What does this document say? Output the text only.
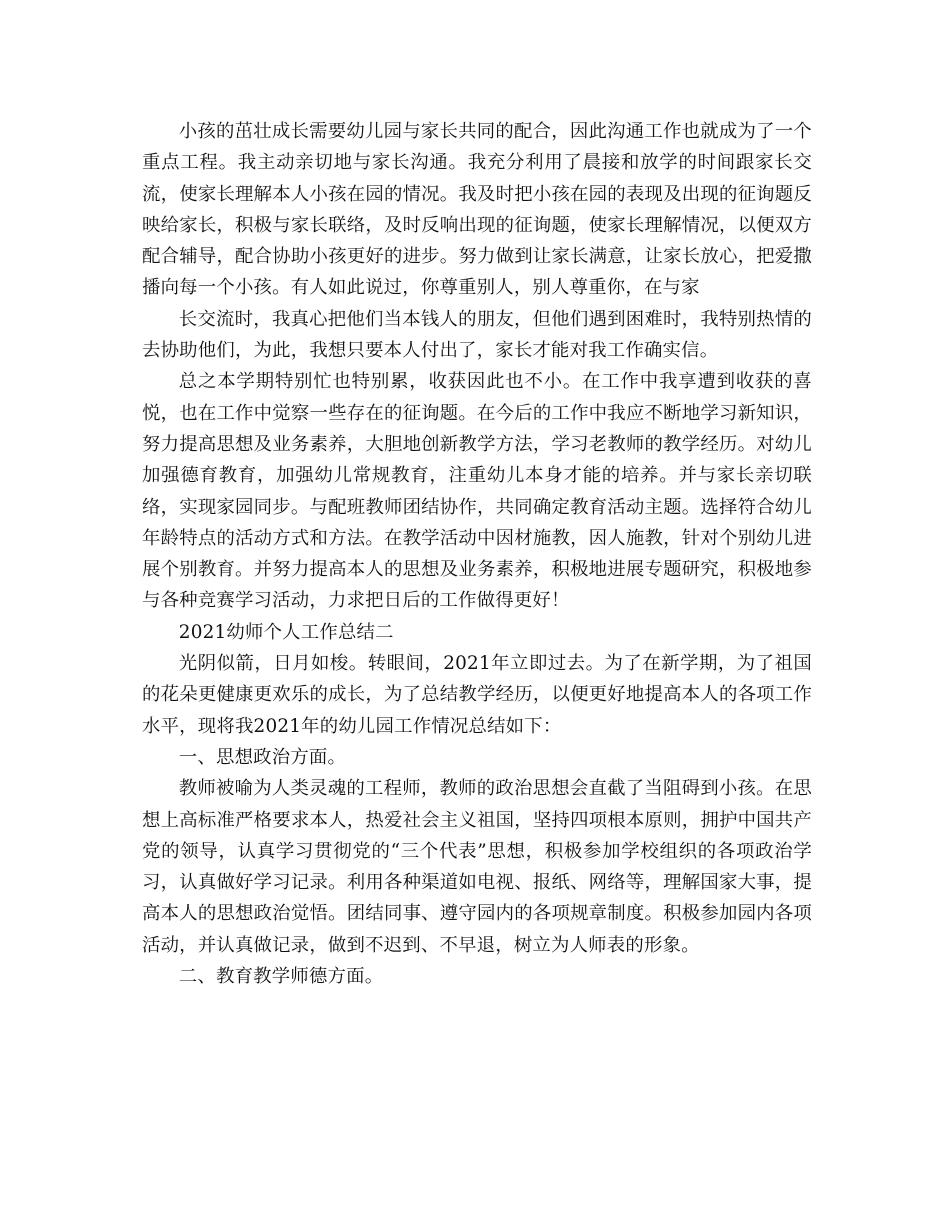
小孩的茁壮成长需要幼儿园与家长共同的配合，因此沟通工作也就成为了一个重点工程。我主动亲切地与家长沟通。我充分利用了晨接和放学的时间跟家长交流，使家长理解本人小孩在园的情况。我及时把小孩在园的表现及出现的征询题反映给家长，积极与家长联络，及时反响出现的征询题，使家长理解情况，以便双方配合辅导，配合协助小孩更好的进步。努力做到让家长满意，让家长放心，把爱撒播向每一个小孩。有人如此说过，你尊重别人，别人尊重你，在与家

长交流时，我真心把他们当本钱人的朋友，但他们遇到困难时，我特别热情的去协助他们，为此，我想只要本人付出了，家长才能对我工作确实信。

总之本学期特别忙也特别累，收获因此也不小。在工作中我享遭到收获的喜悦，也在工作中觉察一些存在的征询题。在今后的工作中我应不断地学习新知识，努力提高思想及业务素养，大胆地创新教学方法，学习老教师的教学经历。对幼儿加强德育教育，加强幼儿常规教育，注重幼儿本身才能的培养。并与家长亲切联络，实现家园同步。与配班教师团结协作，共同确定教育活动主题。选择符合幼儿年龄特点的活动方式和方法。在教学活动中因材施教，因人施教，针对个别幼儿进展个别教育。并努力提高本人的思想及业务素养，积极地进展专题研究，积极地参与各种竞赛学习活动，力求把日后的工作做得更好！

2021幼师个人工作总结二

光阴似箭，日月如梭。转眼间，2021年立即过去。为了在新学期，为了祖国的花朵更健康更欢乐的成长，为了总结教学经历，以便更好地提高本人的各项工作水平，现将我2021年的幼儿园工作情况总结如下：

一、思想政治方面。

教师被喻为人类灵魂的工程师，教师的政治思想会直截了当阻碍到小孩。在思想上高标准严格要求本人，热爱社会主义祖国，坚持四项根本原则，拥护中国共产党的领导，认真学习贯彻党的“三个代表”思想，积极参加学校组织的各项政治学习，认真做好学习记录。利用各种渠道如电视、报纸、网络等，理解国家大事，提高本人的思想政治觉悟。团结同事、遵守园内的各项规章制度。积极参加园内各项活动，并认真做记录，做到不迟到、不早退，树立为人师表的形象。

二、教育教学师德方面。
